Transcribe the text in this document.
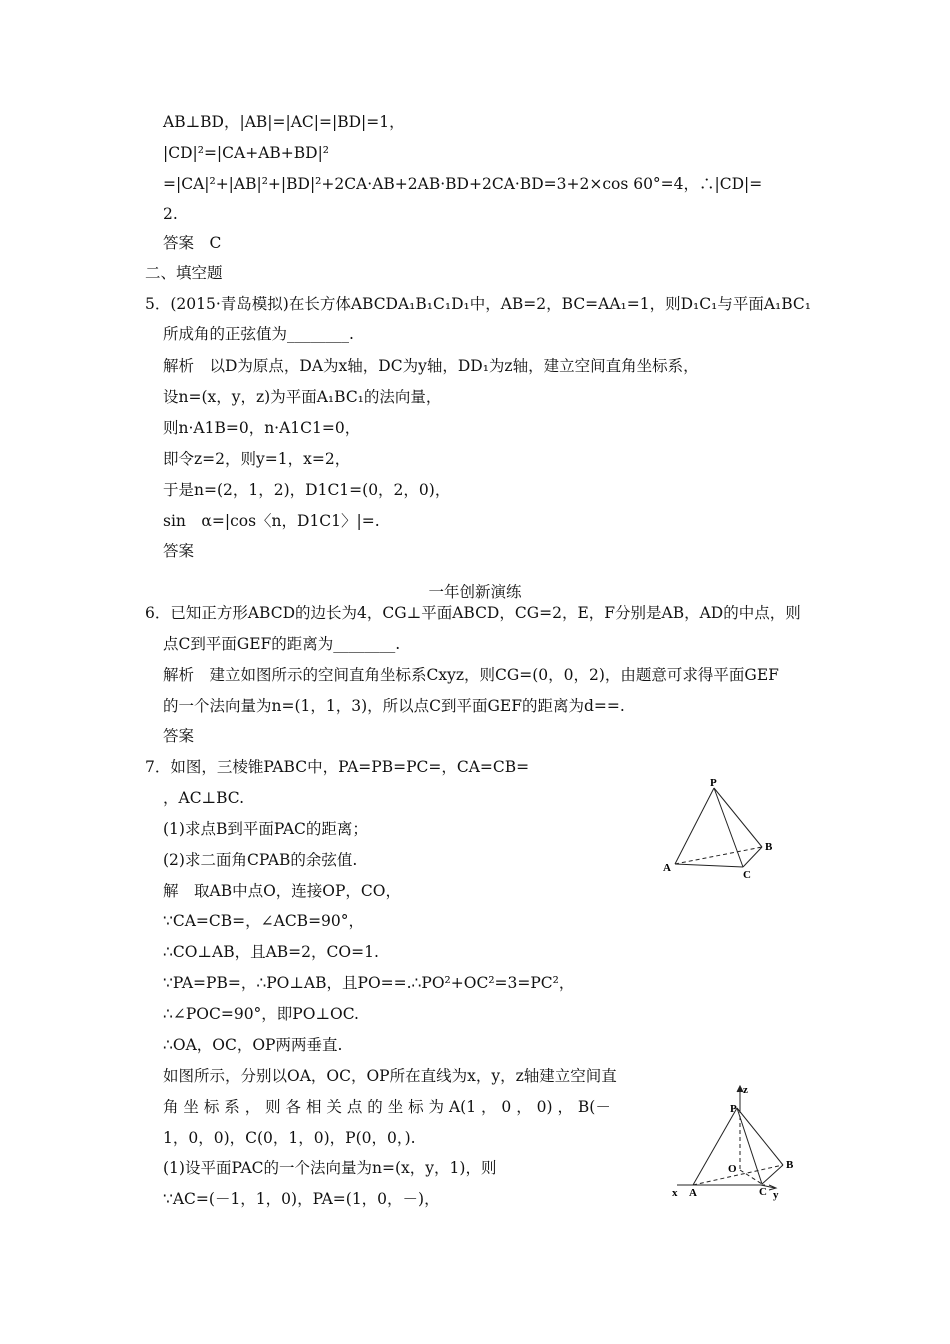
AB⊥BD，|AB|=|AC|=|BD|=1，
|CD|²=|CA+AB+BD|²
=|CA|²+|AB|²+|BD|²+2CA·AB+2AB·BD+2CA·BD=3+2×cos 60°=4，∴|CD|=
2.
答案　C
二、填空题
5．(2015·青岛模拟)在长方体ABCDA₁B₁C₁D₁中，AB=2，BC=AA₁=1，则D₁C₁与平面A₁BC₁
所成角的正弦值为________.
解析　以D为原点，DA为x轴，DC为y轴，DD₁为z轴，建立空间直角坐标系，
设n=(x，y，z)为平面A₁BC₁的法向量，
则n·A1B=0，n·A1C1=0，
即令z=2，则y=1，x=2，
于是n=(2，1，2)，D1C1=(0，2，0)，
sin　α=|cos〈n，D1C1〉|=.
答案
6．已知正方形ABCD的边长为4，CG⊥平面ABCD，CG=2，E，F分别是AB，AD的中点，则
点C到平面GEF的距离为________.
解析　建立如图所示的空间直角坐标系Cxyz，则CG=(0，0，2)，由题意可求得平面GEF
的一个法向量为n=(1，1，3)，所以点C到平面GEF的距离为d==.
答案
7．如图，三棱锥PABC中，PA=PB=PC=，CA=CB=
，AC⊥BC.
(1)求点B到平面PAC的距离；
(2)求二面角CPAB的余弦值.
解　取AB中点O，连接OP，CO，
∵CA=CB=，∠ACB=90°，
∴CO⊥AB，且AB=2，CO=1.
∵PA=PB=，∴PO⊥AB，且PO==.∴PO²+OC²=3=PC²，
∴∠POC=90°，即PO⊥OC.
∴OA，OC，OP两两垂直.
如图所示，分别以OA，OC，OP所在直线为x，y，z轴建立空间直
角 坐 标 系 ， 则 各 相 关 点 的 坐 标 为 A(1 ， 0 ， 0) ， B(－
1，0，0)，C(0，1，0)，P(0，0，).
(1)设平面PAC的一个法向量为n=(x，y，1)，则
∵AC=(－1，1，0)，PA=(1，0，－)，
一年创新演练
P
A
B
C
z
P
O	B
x A	C y
